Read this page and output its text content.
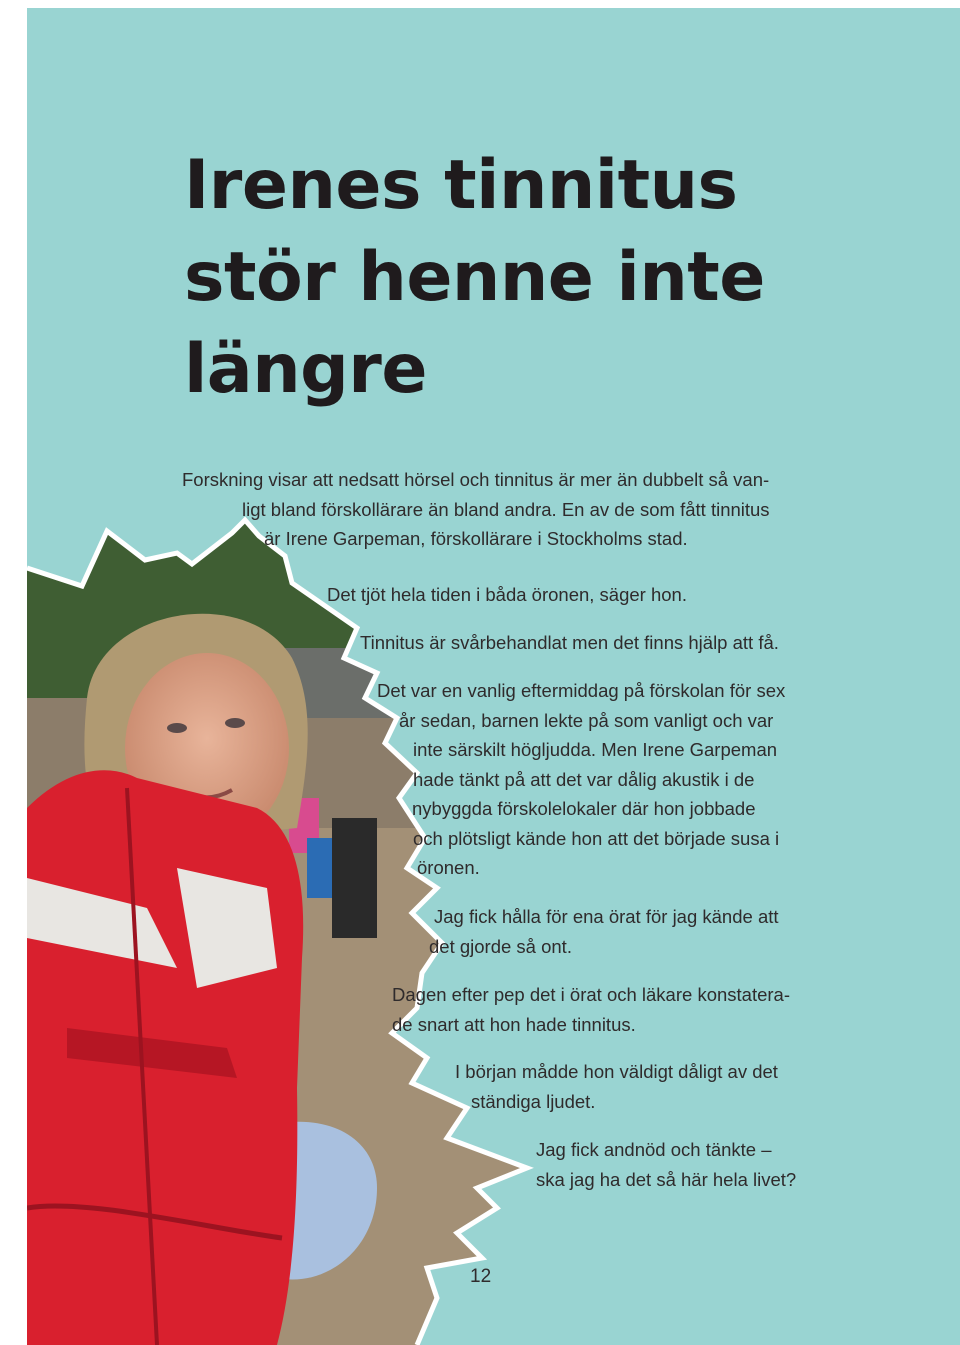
Irenes tinnitus
stör henne inte
längre

Forskning visar att nedsatt hörsel och tinnitus är mer än dubbelt så van-
ligt bland förskollärare än bland andra. En av de som fått tinnitus
är Irene Garpeman, förskollärare i Stockholms stad.

Det tjöt hela tiden i båda öronen, säger hon.

Tinnitus är svårbehandlat men det finns hjälp att få.

Det var en vanlig eftermiddag på förskolan för sex
år sedan, barnen lekte på som vanligt och var
inte särskilt högljudda. Men Irene Garpeman
hade tänkt på att det var dålig akustik i de
nybyggda förskolelokaler där hon jobbade
och plötsligt kände hon att det började susa i
öronen.

Jag fick hålla för ena örat för jag kände att
det gjorde så ont.

Dagen efter pep det i örat och läkare konstatera-
de snart att hon hade tinnitus.

I början mådde hon väldigt dåligt av det
ständiga ljudet.

Jag fick andnöd och tänkte –
ska jag ha det så här hela livet?

12
